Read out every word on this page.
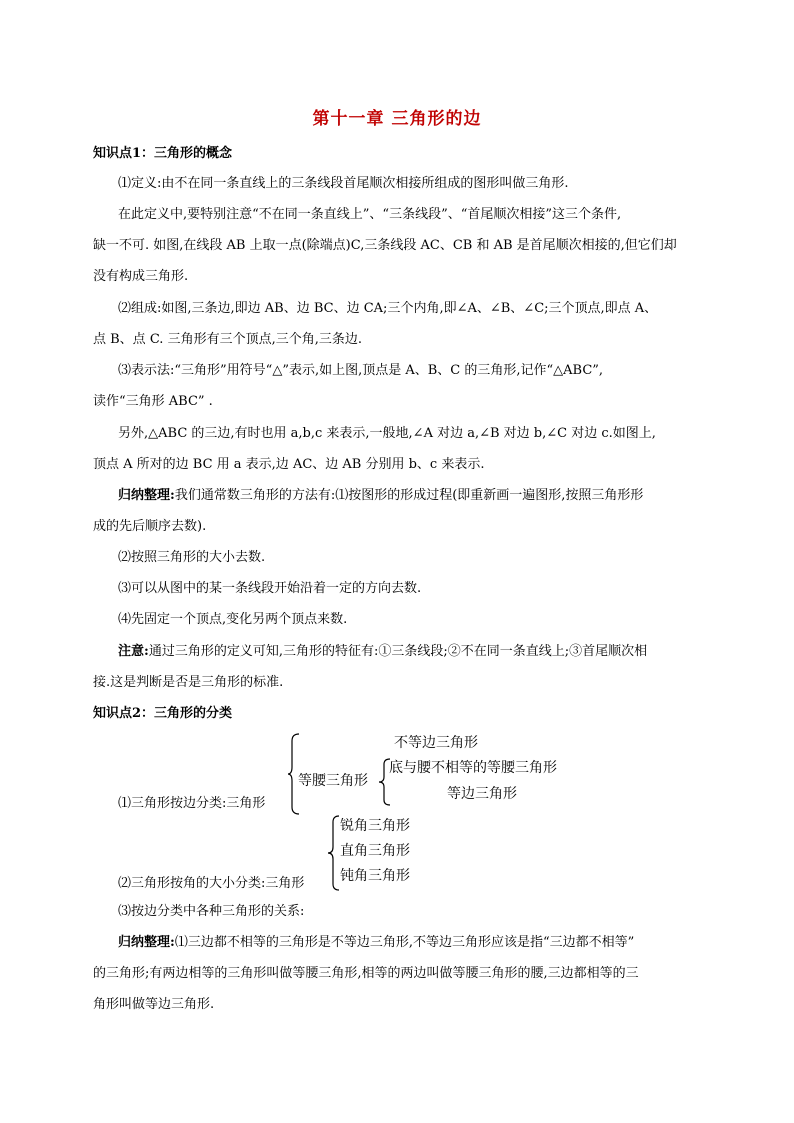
第十一章 三角形的边
知识点1：三角形的概念
⑴定义:由不在同一条直线上的三条线段首尾顺次相接所组成的图形叫做三角形.
在此定义中,要特别注意“不在同一条直线上”、“三条线段”、“首尾顺次相接”这三个条件,
缺一不可. 如图,在线段 AB 上取一点(除端点)C,三条线段 AC、CB 和 AB 是首尾顺次相接的,但它们却
没有构成三角形.
⑵组成:如图,三条边,即边 AB、边 BC、边 CA;三个内角,即∠A、∠B、∠C;三个顶点,即点 A、
点 B、点 C. 三角形有三个顶点,三个角,三条边.
⑶表示法:“三角形”用符号“△”表示,如上图,顶点是 A、B、C 的三角形,记作“△ABC”,
读作“三角形 ABC” .
另外,△ABC 的三边,有时也用 a,b,c 来表示,一般地,∠A 对边 a,∠B 对边 b,∠C 对边 c.如图上,
顶点 A 所对的边 BC 用 a 表示,边 AC、边 AB 分别用 b、c 来表示.
归纳整理:我们通常数三角形的方法有:⑴按图形的形成过程(即重新画一遍图形,按照三角形形
成的先后顺序去数).
⑵按照三角形的大小去数.
⑶可以从图中的某一条线段开始沿着一定的方向去数.
⑷先固定一个顶点,变化另两个顶点来数.
注意:通过三角形的定义可知,三角形的特征有:①三条线段;②不在同一条直线上;③首尾顺次相
接.这是判断是否是三角形的标准.
知识点2：三角形的分类
不等边三角形
等腰三角形
底与腰不相等的等腰三角形
等边三角形
⑴三角形按边分类:三角形
锐角三角形
直角三角形
钝角三角形
⑵三角形按角的大小分类:三角形
⑶按边分类中各种三角形的关系:
归纳整理:⑴三边都不相等的三角形是不等边三角形,不等边三角形应该是指“三边都不相等”
的三角形;有两边相等的三角形叫做等腰三角形,相等的两边叫做等腰三角形的腰,三边都相等的三
角形叫做等边三角形.
